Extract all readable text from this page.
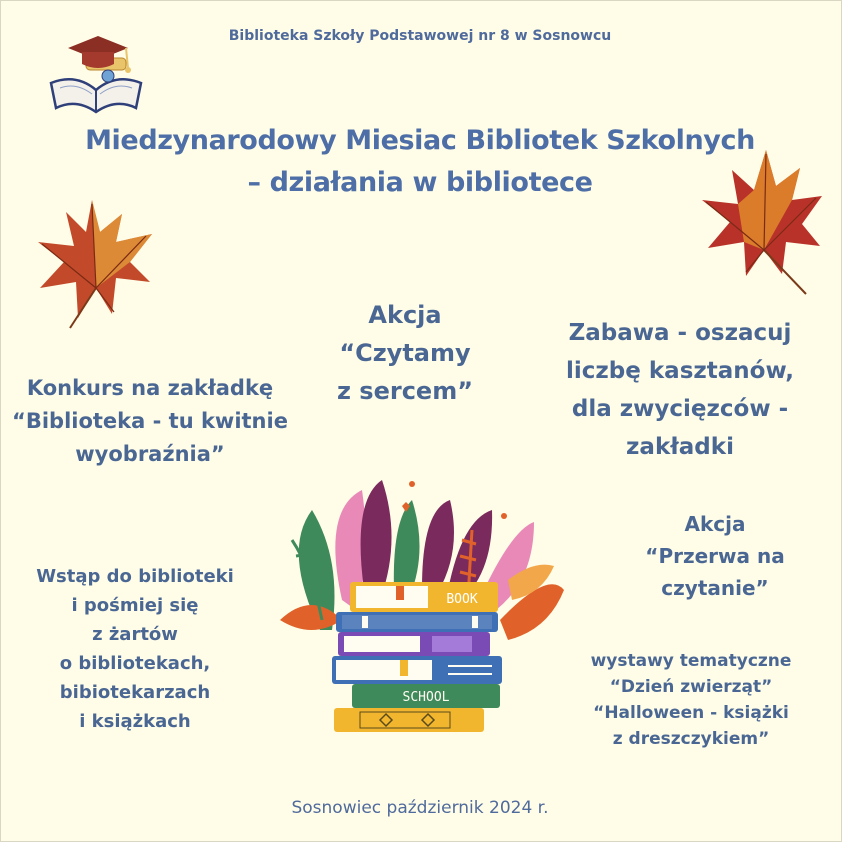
Biblioteka Szkoły Podstawowej nr 8 w Sosnowcu
Miedzynarodowy Miesiac Bibliotek Szkolnych
– działania w bibliotece
Akcja
“Czytamy
z sercem”
Zabawa - oszacuj
liczbę kasztanów,
dla zwycięzców -
zakładki
Konkurs na zakładkę
“Biblioteka - tu kwitnie
wyobraźnia”
Akcja
“Przerwa na
czytanie”
Wstąp do biblioteki
i pośmiej się
z żartów
o bibliotekach,
bibiotekarzach
i książkach
wystawy tematyczne
“Dzień zwierząt”
“Halloween - książki
z dreszczykiem”
BOOK
SCHOOL
Sosnowiec październik 2024 r.
